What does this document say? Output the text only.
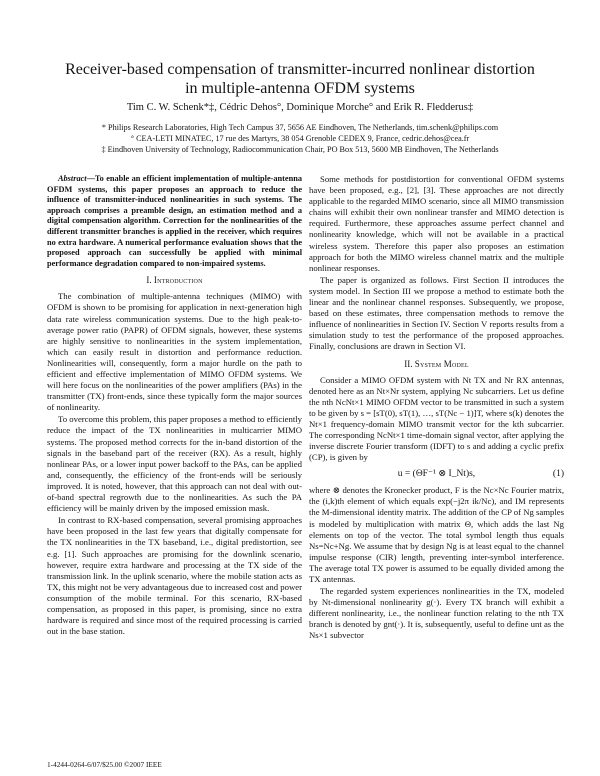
Receiver-based compensation of transmitter-incurred nonlinear distortion
in multiple-antenna OFDM systems
Tim C. W. Schenk*‡, Cédric Dehos°, Dominique Morche° and Erik R. Fledderus‡
* Philips Research Laboratories, High Tech Campus 37, 5656 AE Eindhoven, The Netherlands, tim.schenk@philips.com
° CEA-LETI MINATEC, 17 rue des Martyrs, 38 054 Grenoble CEDEX 9, France, cedric.dehos@cea.fr
‡ Eindhoven University of Technology, Radiocommunication Chair, PO Box 513, 5600 MB Eindhoven, The Netherlands

Abstract—To enable an efficient implementation of multiple-antenna OFDM systems, this paper proposes an approach to reduce the influence of transmitter-induced nonlinearities in such systems. The approach comprises a preamble design, an estimation method and a digital compensation algorithm. Correction for the nonlinearities of the different transmitter branches is applied in the receiver, which requires no extra hardware. A numerical performance evaluation shows that the proposed approach can successfully be applied with minimal performance degradation compared to non-impaired systems.

I. Introduction

The combination of multiple-antenna techniques (MIMO) with OFDM is shown to be promising for application in next-generation high data rate wireless communication systems. Due to the high peak-to-average power ratio (PAPR) of OFDM signals, however, these systems are highly sensitive to nonlinearities in the system implementation, which can easily result in distortion and performance reduction. Nonlinearities will, consequently, form a major hurdle on the path to efficient and effective implementation of MIMO OFDM systems. We will here focus on the nonlinearities of the power amplifiers (PAs) in the transmitter (TX) front-ends, since these typically form the major sources of nonlinearity.

To overcome this problem, this paper proposes a method to efficiently reduce the impact of the TX nonlinearities in multicarrier MIMO systems. The proposed method corrects for the in-band distortion of the signals in the baseband part of the receiver (RX). As a result, highly nonlinear PAs, or a lower input power backoff to the PAs, can be applied and, consequently, the efficiency of the front-ends will be seriously improved. It is noted, however, that this approach can not deal with out-of-band spectral regrowth due to the nonlinearities. As such the PA efficiency will be mainly driven by the imposed emission mask.

In contrast to RX-based compensation, several promising approaches have been proposed in the last few years that digitally compensate for the TX nonlinearities in the TX baseband, i.e., digital predistortion, see e.g. [1]. Such approaches are promising for the downlink scenario, however, require extra hardware and processing at the TX side of the transmission link. In the uplink scenario, where the mobile station acts as TX, this might not be very advantageous due to increased cost and power consumption of the mobile terminal. For this scenario, RX-based compensation, as proposed in this paper, is promising, since no extra hardware is required and since most of the required processing is carried out in the base station.

Some methods for postdistortion for conventional OFDM systems have been proposed, e.g., [2], [3]. These approaches are not directly applicable to the regarded MIMO scenario, since all MIMO transmission chains will exhibit their own nonlinear transfer and MIMO detection is required. Furthermore, these approaches assume perfect channel and nonlinearity knowledge, which will not be available in a practical wireless system. Therefore this paper also proposes an estimation approach for both the MIMO wireless channel matrix and the multiple nonlinear responses.

The paper is organized as follows. First Section II introduces the system model. In Section III we propose a method to estimate both the linear and the nonlinear channel responses. Subsequently, we propose, based on these estimates, three compensation methods to remove the influence of nonlinearities in Section IV. Section V reports results from a simulation study to test the performance of the proposed approaches. Finally, conclusions are drawn in Section VI.

II. System Model

Consider a MIMO OFDM system with Nt TX and Nr RX antennas, denoted here as an Nt×Nr system, applying Nc subcarriers. Let us define the nth NcNt×1 MIMO OFDM vector to be transmitted in such a system to be given by s = [sT(0), sT(1), …, sT(Nc − 1)]T, where s(k) denotes the Nt×1 frequency-domain MIMO transmit vector for the kth subcarrier. The corresponding NcNt×1 time-domain signal vector, after applying the inverse discrete Fourier transform (IDFT) to s and adding a cyclic prefix (CP), is given by

u = (ΘF⁻¹ ⊗ I_Nt)s,	(1)

where ⊗ denotes the Kronecker product, F is the Nc×Nc Fourier matrix, the (i,k)th element of which equals exp(−j2π ik/Nc), and IM represents the M-dimensional identity matrix. The addition of the CP of Ng samples is modeled by multiplication with matrix Θ, which adds the last Ng elements on top of the vector. The total symbol length thus equals Ns=Nc+Ng. We assume that by design Ng is at least equal to the channel impulse response (CIR) length, preventing inter-symbol interference. The average total TX power is assumed to be equally divided among the TX antennas.

The regarded system experiences nonlinearities in the TX, modeled by Nt-dimensional nonlinearity g(·). Every TX branch will exhibit a different nonlinearity, i.e., the nonlinear function relating to the nth TX branch is denoted by gnt(·). It is, subsequently, useful to define unt as the Ns×1 subvector

1-4244-0264-6/07/$25.00 ©2007 IEEE
